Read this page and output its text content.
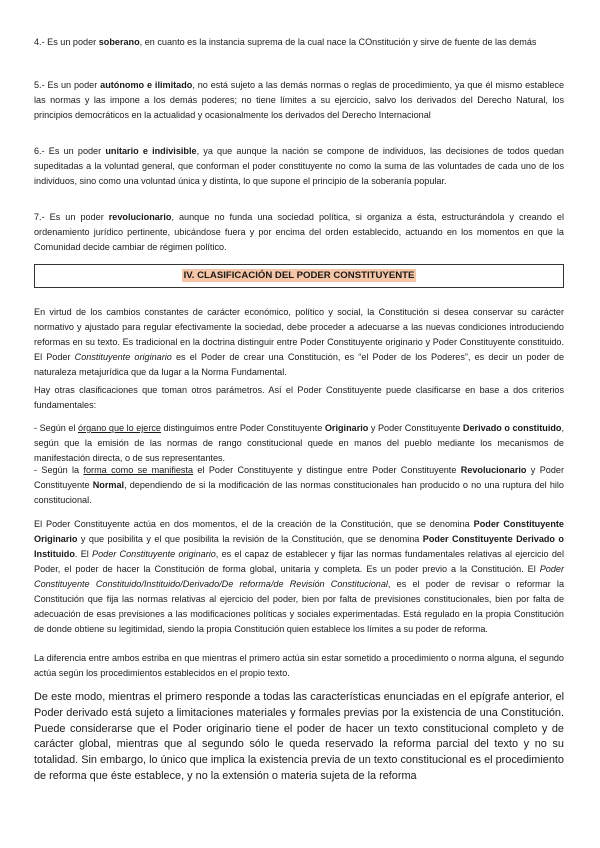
4.- Es un poder soberano, en cuanto es la instancia suprema de la cual nace la COnstitución y sirve de fuente de las demás

5.- Es un poder autónomo e ilimitado, no está sujeto a las demás normas o reglas de procedimiento, ya que él mismo establece las normas y las impone a los demás poderes; no tiene límites a su ejercicio, salvo los derivados del Derecho Natural, los principios democráticos en la actualidad y ocasionalmente los derivados del Derecho Internacional

6.- Es un poder unitario e indivisible, ya que aunque la nación se compone de individuos, las decisiones de todos quedan supeditadas a la voluntad general, que conforman el poder constituyente no como la suma de las voluntades de cada uno de los individuos, sino como una voluntad única y distinta, lo que supone el principio de la soberanía popular.

7.- Es un poder revolucionario, aunque no funda una sociedad política, si organiza a ésta, estructurándola y creando el ordenamiento jurídico pertinente, ubicándose fuera y por encima del orden establecido, actuando en los momentos en que la Comunidad decide cambiar de régimen político.

IV. CLASIFICACIÓN DEL PODER CONSTITUYENTE

En virtud de los cambios constantes de carácter económico, político y social, la Constitución si desea conservar su carácter normativo y ajustado para regular efectivamente la sociedad, debe proceder a adecuarse a las nuevas condiciones introduciendo reformas en su texto. Es tradicional en la doctrina distinguir entre Poder Constituyente originario y Poder Constituyente constituido. El Poder Constituyente originario es el Poder de crear una Constitución, es “el Poder de los Poderes”, es decir un poder de naturaleza metajurídica que da lugar a la Norma Fundamental.

Hay otras clasificaciones que toman otros parámetros. Así el Poder Constituyente puede clasificarse en base a dos criterios fundamentales:

- Según el órgano que lo ejerce distinguimos entre Poder Constituyente Originario y Poder Constituyente Derivado o constituido, según que la emisión de las normas de rango constitucional quede en manos del pueblo mediante los mecanismos de manifestación directa, o de sus representantes.

- Según la forma como se manifiesta el Poder Constituyente y distingue entre Poder Constituyente Revolucionario y Poder Constituyente Normal, dependiendo de si la modificación de las normas constitucionales han producido o no una ruptura del hilo constitucional.

El Poder Constituyente actúa en dos momentos, el de la creación de la Constitución, que se denomina Poder Constituyente Originario y que posibilita y el que posibilita la revisión de la Constitución, que se denomina Poder Constituyente Derivado o Instituido. El Poder Constituyente originario, es el capaz de establecer y fijar las normas fundamentales relativas al ejercicio del Poder, el poder de hacer la Constitución de forma global, unitaria y completa. Es un poder previo a la Constitución. El Poder Constituyente Constituido/Instituido/Derivado/De reforma/de Revisión Constitucional, es el poder de revisar o reformar la Constitución que fija las normas relativas al ejercicio del poder, bien por falta de previsiones constitucionales, bien por falta de adecuación de esas previsiones a las modificaciones políticas y sociales experimentadas. Está regulado en la propia Constitución de donde obtiene su legitimidad, siendo la propia Constitución quien establece los límites a su poder de reforma.

La diferencia entre ambos estriba en que mientras el primero actúa sin estar sometido a procedimiento o norma alguna, el segundo actúa según los procedimientos establecidos en el propio texto.

De este modo, mientras el primero responde a todas las características enunciadas en el epígrafe anterior, el Poder derivado está sujeto a limitaciones materiales y formales previas por la existencia de una Constitución. Puede considerarse que el Poder originario tiene el poder de hacer un texto constitucional completo y de carácter global, mientras que al segundo sólo le queda reservado la reforma parcial del texto y no su totalidad. Sin embargo, lo único que implica la existencia previa de un texto constitucional es el procedimiento de reforma que éste establece, y no la extensión o materia sujeta de la reforma
